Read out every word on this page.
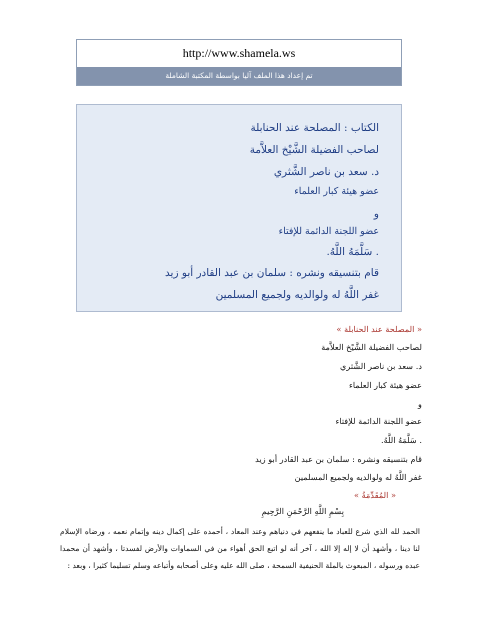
http://www.shamela.ws
تم إعداد هذا الملف آليا بواسطة المكتبة الشاملة
الكتاب : المصلحة عند الحنابلة
لصاحب الفضيلة الشَّيْخ العلاَّمة
د. سعد بن ناصر الشَّثري
عضو هيئة كبار العلماء
و
عضو اللجنة الدائمة للإفتاء
. سَلَّمَهُ اللَّهُ.
قام بتنسيقه ونشره : سلمان بن عبد القادر أبو زيد
غفر اللَّهُ له ولوالديه ولجميع المسلمين
« المصلحة عند الحنابلة »
لصاحب الفضيلة الشَّيْخ العلاَّمة
د. سعد بن ناصر الشَّثري
عضو هيئة كبار العلماء
و
عضو اللجنة الدائمة للإفتاء
. سَلَّمَهُ اللَّهُ.
قام بتنسيقه ونشره : سلمان بن عبد القادر أبو زيد
غفر اللَّهُ له ولوالديه ولجميع المسلمين
« المُقَدِّمَةُ »
بِسْمِ اللَّهِ الرَّحْمَنِ الرَّحِيمِ
الحمد لله الذي شرع للعباد ما ينفعهم في دنياهم وعند المعاد ، أحمده على إكمال دينه وإتمام نعمه ، ورضاه الإسلام لنا دينا ، وأشهد أن لا إله إلا الله ، آخر أنه لو اتبع الحق أهواء من في السماوات والأرض لفسدتا ، وأشهد أن محمدا عبده ورسوله ، المبعوث بالملة الحنيفية السمحة ، صلى الله عليه وعلى أصحابه وأتباعه وسلم تسليما كثيرا ، وبعد :
